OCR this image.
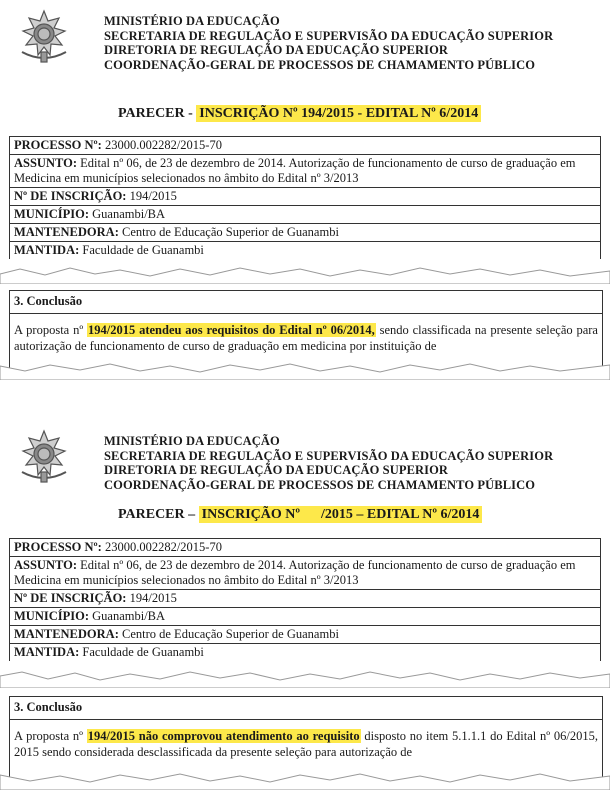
MINISTÉRIO DA EDUCAÇÃO
SECRETARIA DE REGULAÇÃO E SUPERVISÃO DA EDUCAÇÃO SUPERIOR
DIRETORIA DE REGULAÇÃO DA EDUCAÇÃO SUPERIOR
COORDENAÇÃO-GERAL DE PROCESSOS DE CHAMAMENTO PÚBLICO
PARECER - INSCRIÇÃO Nº 194/2015 - EDITAL Nº 6/2014
PROCESSO Nº: 23000.002282/2015-70
ASSUNTO: Edital nº 06, de 23 de dezembro de 2014. Autorização de funcionamento de curso de graduação em Medicina em municípios selecionados no âmbito do Edital nº 3/2013
Nº DE INSCRIÇÃO: 194/2015
MUNICÍPIO: Guanambi/BA
MANTENEDORA: Centro de Educação Superior de Guanambi
MANTIDA: Faculdade de Guanambi
3. Conclusão
A proposta nº 194/2015 atendeu aos requisitos do Edital nº 06/2014, sendo classificada na presente seleção para autorização de funcionamento de curso de graduação em medicina por instituição de
MINISTÉRIO DA EDUCAÇÃO
SECRETARIA DE REGULAÇÃO E SUPERVISÃO DA EDUCAÇÃO SUPERIOR
DIRETORIA DE REGULAÇÃO DA EDUCAÇÃO SUPERIOR
COORDENAÇÃO-GERAL DE PROCESSOS DE CHAMAMENTO PÚBLICO
PARECER – INSCRIÇÃO Nº      /2015 – EDITAL Nº 6/2014
PROCESSO Nº: 23000.002282/2015-70
ASSUNTO: Edital nº 06, de 23 de dezembro de 2014. Autorização de funcionamento de curso de graduação em Medicina em municípios selecionados no âmbito do Edital nº 3/2013
Nº DE INSCRIÇÃO: 194/2015
MUNICÍPIO: Guanambi/BA
MANTENEDORA: Centro de Educação Superior de Guanambi
MANTIDA: Faculdade de Guanambi
3. Conclusão
A proposta nº 194/2015 não comprovou atendimento ao requisito disposto no item 5.1.1.1 do Edital nº 06/2015, 2015 sendo considerada desclassificada da presente seleção para autorização de
